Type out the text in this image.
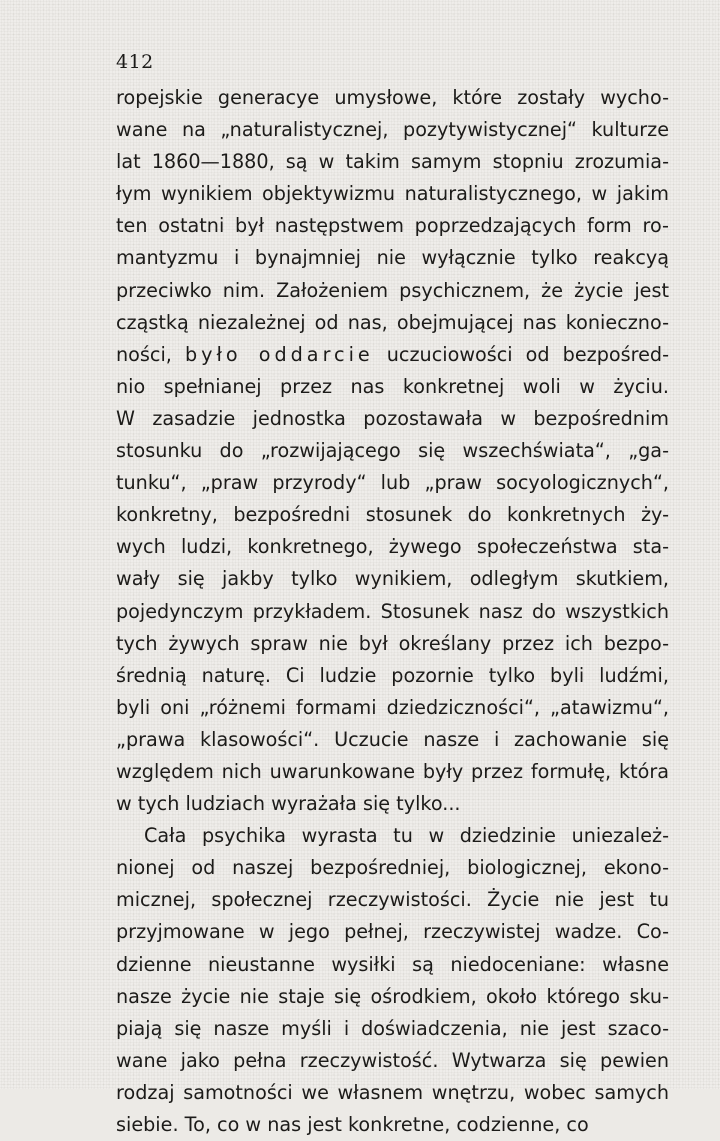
412

ropejskie generacye umysłowe, które zostały wycho-
wane na „naturalistycznej, pozytywistycznej“ kulturze
lat 1860—1880, są w takim samym stopniu zrozumia-
łym wynikiem objektywizmu naturalistycznego, w jakim
ten ostatni był następstwem poprzedzających form ro-
mantyzmu i bynajmniej nie wyłącznie tylko reakcyą
przeciwko nim. Założeniem psychicznem, że życie jest
cząstką niezależnej od nas, obejmującej nas konieczno-
ności, było oddarcie uczuciowości od bezpośred-
nio spełnianej przez nas konkretnej woli w życiu.
W zasadzie jednostka pozostawała w bezpośrednim
stosunku do „rozwijającego się wszechświata“, „ga-
tunku“, „praw przyrody“ lub „praw socyologicznych“,
konkretny, bezpośredni stosunek do konkretnych ży-
wych ludzi, konkretnego, żywego społeczeństwa sta-
wały się jakby tylko wynikiem, odległym skutkiem,
pojedynczym przykładem. Stosunek nasz do wszystkich
tych żywych spraw nie był określany przez ich bezpo-
średnią naturę. Ci ludzie pozornie tylko byli ludźmi,
byli oni „różnemi formami dziedziczności“, „atawizmu“,
„prawa klasowości“. Uczucie nasze i zachowanie się
względem nich uwarunkowane były przez formułę, która
w tych ludziach wyrażała się tylko...
Cała psychika wyrasta tu w dziedzinie uniezależ-
nionej od naszej bezpośredniej, biologicznej, ekono-
micznej, społecznej rzeczywistości. Życie nie jest tu
przyjmowane w jego pełnej, rzeczywistej wadze. Co-
dzienne nieustanne wysiłki są niedoceniane: własne
nasze życie nie staje się ośrodkiem, około którego sku-
piają się nasze myśli i doświadczenia, nie jest szaco-
wane jako pełna rzeczywistość. Wytwarza się pewien
rodzaj samotności we własnem wnętrzu, wobec samych
siebie. To, co w nas jest konkretne, codzienne, co
